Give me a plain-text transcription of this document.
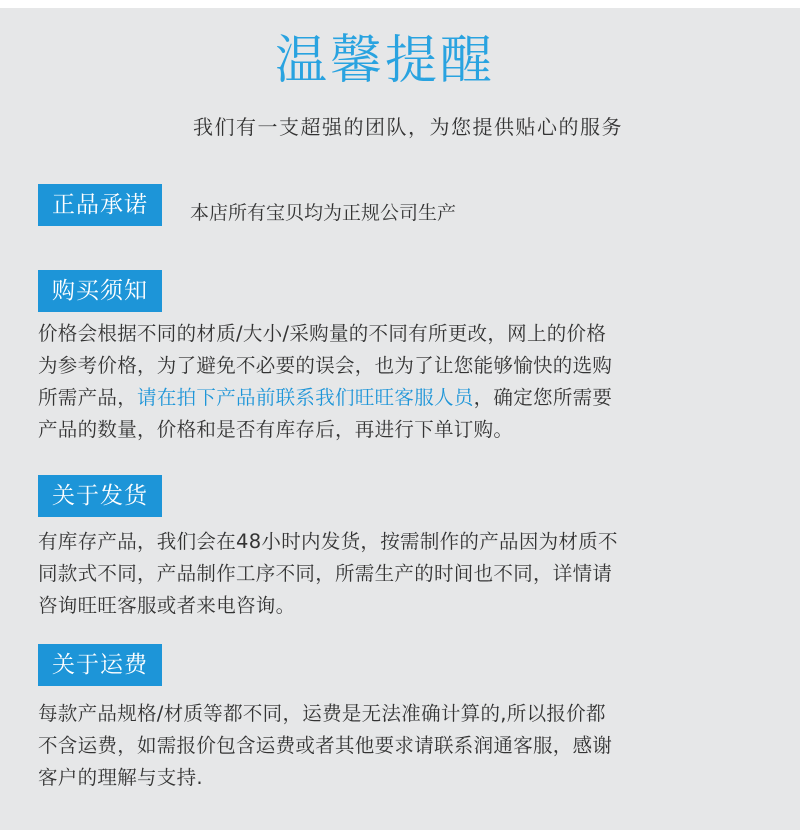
温馨提醒
我们有一支超强的团队，为您提供贴心的服务
正品承诺	本店所有宝贝均为正规公司生产
购买须知
价格会根据不同的材质/大小/采购量的不同有所更改，网上的价格
为参考价格，为了避免不必要的误会，也为了让您能够愉快的选购
所需产品，请在拍下产品前联系我们旺旺客服人员，确定您所需要
产品的数量，价格和是否有库存后，再进行下单订购。
关于发货
有库存产品，我们会在48小时内发货，按需制作的产品因为材质不
同款式不同，产品制作工序不同，所需生产的时间也不同，详情请
咨询旺旺客服或者来电咨询。
关于运费
每款产品规格/材质等都不同，运费是无法准确计算的,所以报价都
不含运费，如需报价包含运费或者其他要求请联系润通客服，感谢
客户的理解与支持.
